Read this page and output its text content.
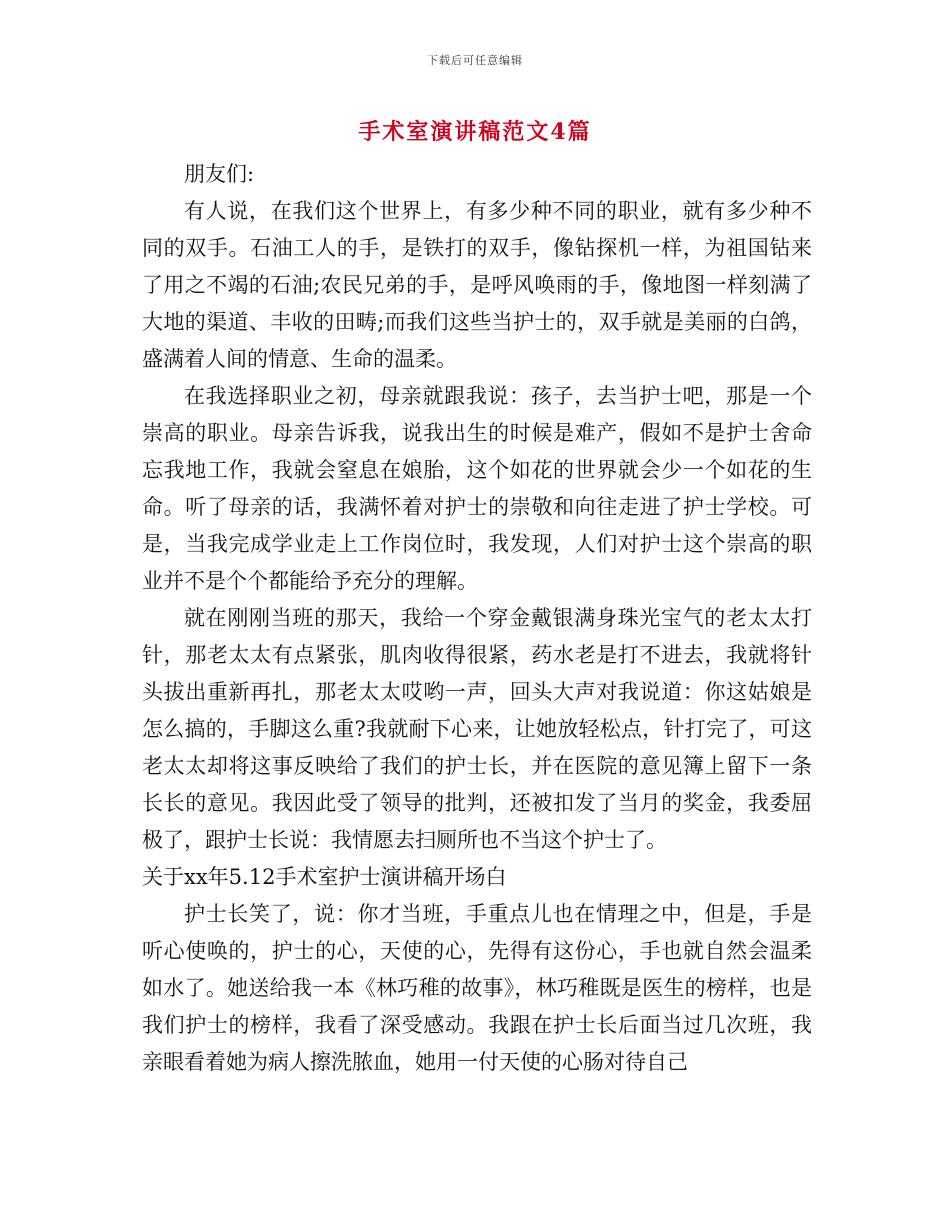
下载后可任意编辑
手术室演讲稿范文4篇

朋友们:

有人说，在我们这个世界上，有多少种不同的职业，就有多少种不同的双手。石油工人的手，是铁打的双手，像钻探机一样，为祖国钻来了用之不竭的石油;农民兄弟的手，是呼风唤雨的手，像地图一样刻满了大地的渠道、丰收的田畴;而我们这些当护士的，双手就是美丽的白鸽，盛满着人间的情意、生命的温柔。

在我选择职业之初，母亲就跟我说：孩子，去当护士吧，那是一个崇高的职业。母亲告诉我，说我出生的时候是难产，假如不是护士舍命忘我地工作，我就会窒息在娘胎，这个如花的世界就会少一个如花的生命。听了母亲的话，我满怀着对护士的崇敬和向往走进了护士学校。可是，当我完成学业走上工作岗位时，我发现，人们对护士这个崇高的职业并不是个个都能给予充分的理解。

就在刚刚当班的那天，我给一个穿金戴银满身珠光宝气的老太太打针，那老太太有点紧张，肌肉收得很紧，药水老是打不进去，我就将针头拔出重新再扎，那老太太哎哟一声，回头大声对我说道：你这姑娘是怎么搞的，手脚这么重?我就耐下心来，让她放轻松点，针打完了，可这老太太却将这事反映给了我们的护士长，并在医院的意见簿上留下一条长长的意见。我因此受了领导的批判，还被扣发了当月的奖金，我委屈极了，跟护士长说：我情愿去扫厕所也不当这个护士了。

关于xx年5.12手术室护士演讲稿开场白

护士长笑了，说：你才当班，手重点儿也在情理之中，但是，手是听心使唤的，护士的心，天使的心，先得有这份心，手也就自然会温柔如水了。她送给我一本《林巧稚的故事》，林巧稚既是医生的榜样，也是我们护士的榜样，我看了深受感动。我跟在护士长后面当过几次班，我亲眼看着她为病人擦洗脓血，她用一付天使的心肠对待自己
